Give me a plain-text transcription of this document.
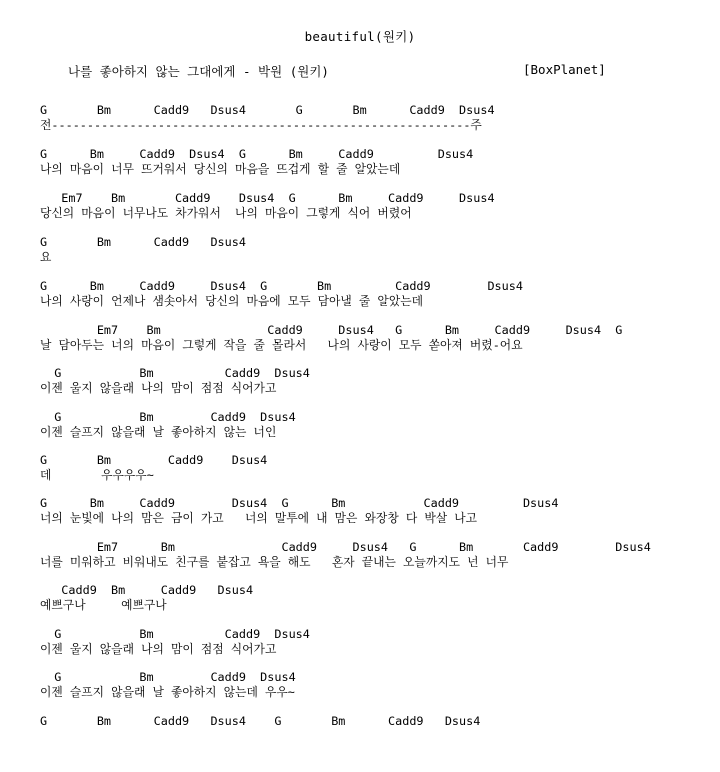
beautiful(원키)
나를 좋아하지 않는 그대에게 - 박원 (원키)	[BoxPlanet]
G       Bm      Cadd9   Dsus4       G       Bm      Cadd9  Dsus4
전-----------------------------------------------------------주
G      Bm     Cadd9  Dsus4  G      Bm     Cadd9         Dsus4
나의 마음이 너무 뜨거워서 당신의 마음을 뜨겁게 할 줄 알았는데
Em7    Bm       Cadd9    Dsus4  G      Bm     Cadd9     Dsus4
당신의 마음이 너무나도 차가워서  나의 마음이 그렇게 식어 버렸어
G       Bm      Cadd9   Dsus4
요
G      Bm     Cadd9     Dsus4  G       Bm         Cadd9        Dsus4
나의 사랑이 언제나 샘솟아서 당신의 마음에 모두 담아낼 줄 알았는데
Em7    Bm               Cadd9     Dsus4   G      Bm     Cadd9     Dsus4  G
날 담아두는 너의 마음이 그렇게 작을 줄 몰라서   나의 사랑이 모두 쏟아져 버렸-어요
G           Bm          Cadd9  Dsus4
이젠 울지 않을래 나의 맘이 점점 식어가고
G           Bm        Cadd9  Dsus4
이젠 슬프지 않을래 날 좋아하지 않는 너인
G       Bm        Cadd9    Dsus4
데       우우우우~
G      Bm     Cadd9        Dsus4  G      Bm           Cadd9         Dsus4
너의 눈빛에 나의 맘은 금이 가고   너의 말투에 내 맘은 와장창 다 박살 나고
Em7      Bm               Cadd9     Dsus4   G      Bm       Cadd9        Dsus4
너를 미워하고 비워내도 친구를 붙잡고 욕을 해도   혼자 끝내는 오늘까지도 넌 너무
Cadd9  Bm     Cadd9   Dsus4
예쁘구나     예쁘구나
G           Bm          Cadd9  Dsus4
이젠 울지 않을래 나의 맘이 점점 식어가고
G           Bm        Cadd9  Dsus4
이젠 슬프지 않을래 날 좋아하지 않는데 우우~
G       Bm      Cadd9   Dsus4    G       Bm      Cadd9   Dsus4
